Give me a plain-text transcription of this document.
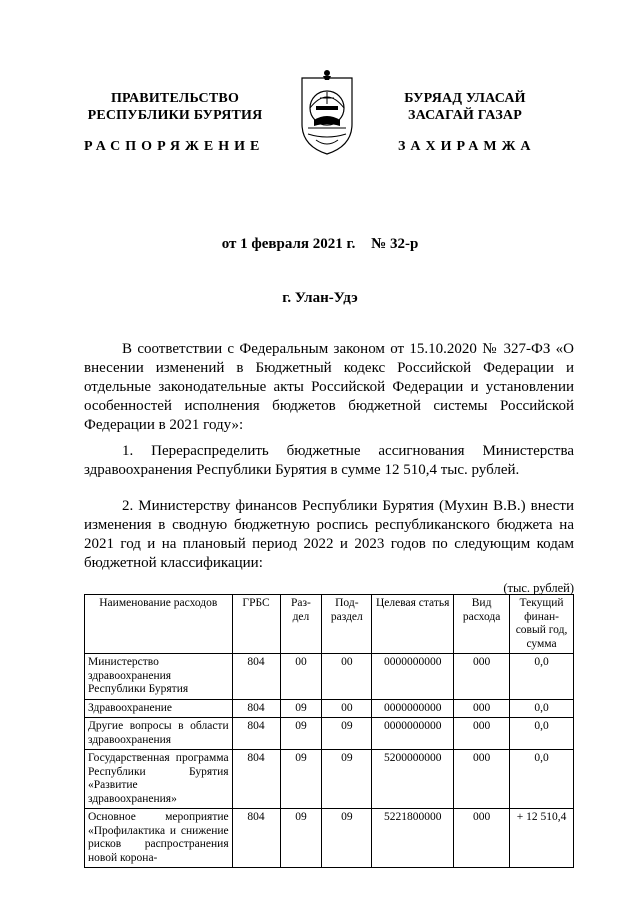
ПРАВИТЕЛЬСТВО
РЕСПУБЛИКИ БУРЯТИЯ
БУРЯАД УЛАСАЙ
ЗАСАГАЙ ГАЗАР
РАСПОРЯЖЕНИЕ	ЗАХИРАМЖА
от 1 февраля 2021 г. № 32-р
г. Улан-Удэ
В соответствии с Федеральным законом от 15.10.2020 № 327-ФЗ «О внесении изменений в Бюджетный кодекс Российской Федерации и отдельные законодательные акты Российской Федерации и установлении особенностей исполнения бюджетов бюджетной системы Российской Федерации в 2021 году»:
1. Перераспределить бюджетные ассигнования Министерства здравоохранения Республики Бурятия в сумме 12 510,4 тыс. рублей.
2. Министерству финансов Республики Бурятия (Мухин В.В.) внести изменения в сводную бюджетную роспись республиканского бюджета на 2021 год и на плановый период 2022 и 2023 годов по следующим кодам бюджетной классификации:
(тыс. рублей)
Наименование расходов	ГРБС	Раз-дел	Под-раздел	Целевая статья	Вид расхода	Текущий финан-совый год, сумма
Министерство здравоохранения Республики Бурятия	804	00	00	0000000000	000	0,0
Здравоохранение	804	09	00	0000000000	000	0,0
Другие вопросы в области здравоохранения	804	09	09	0000000000	000	0,0
Государственная программа Республики Бурятия «Развитие здравоохранения»	804	09	09	5200000000	000	0,0
Основное мероприятие «Профилактика и снижение рисков распространения новой корона-	804	09	09	5221800000	000	+ 12 510,4
